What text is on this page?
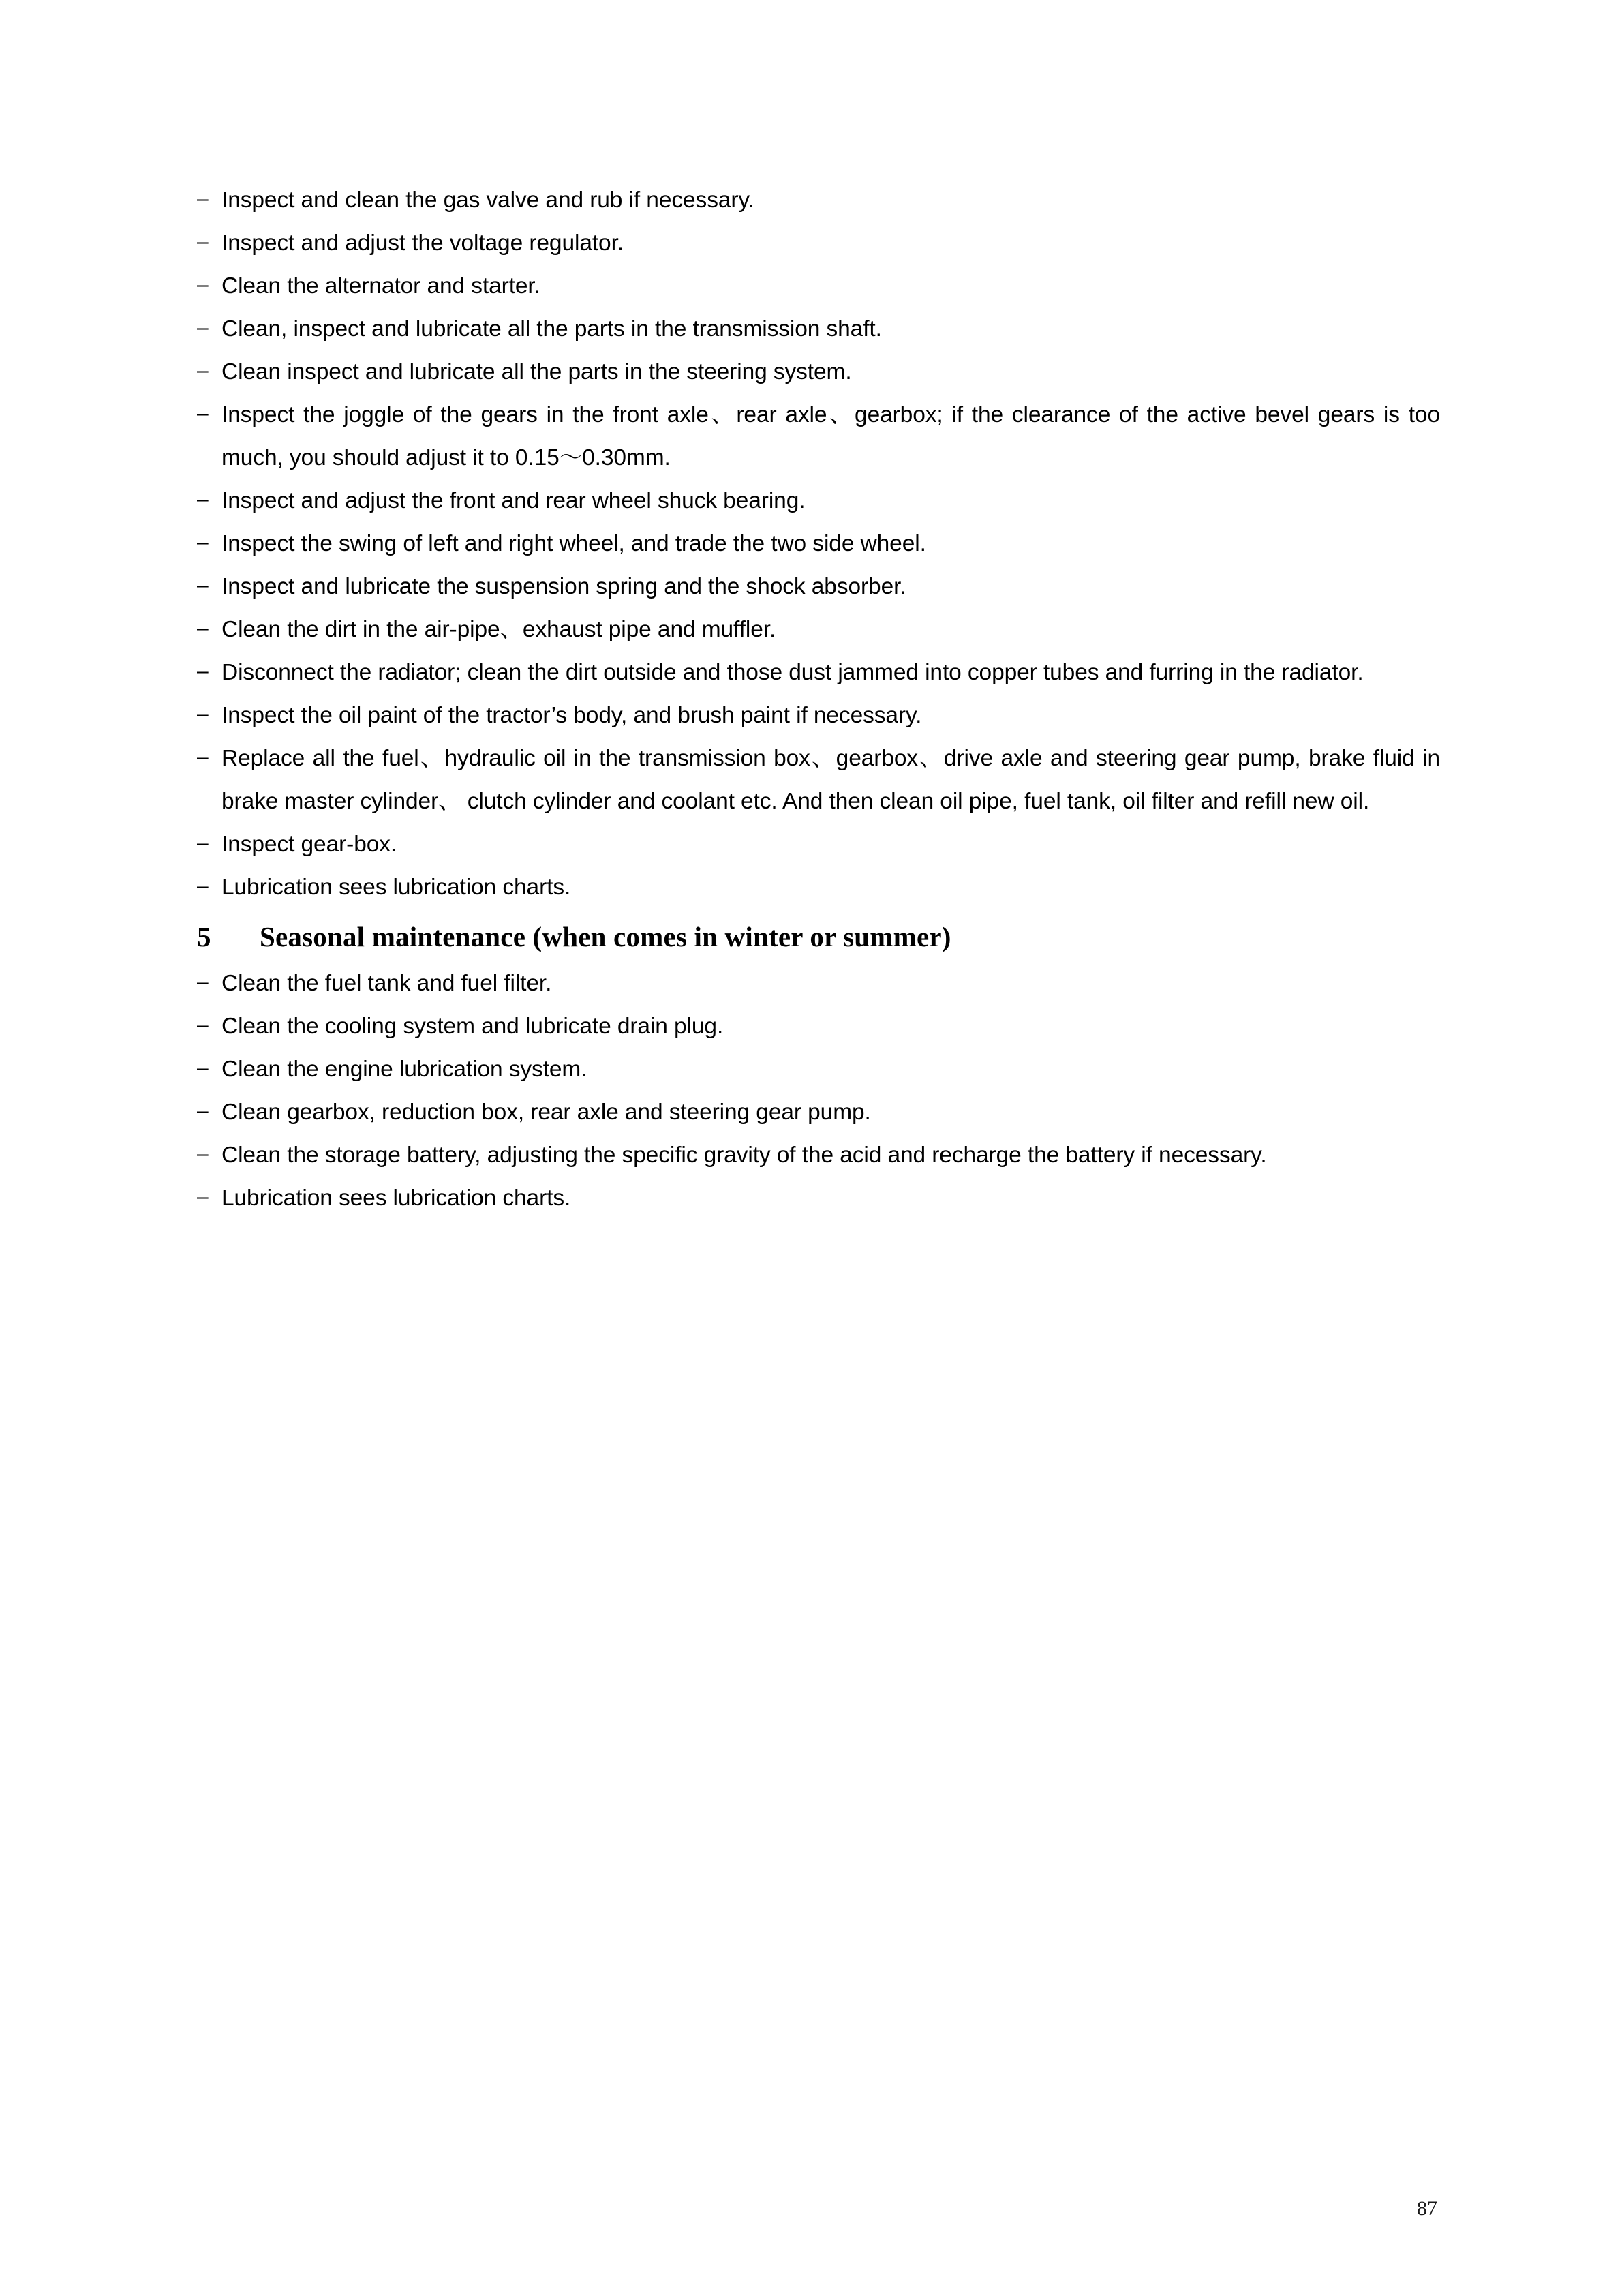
–
Inspect and clean the gas valve and rub if necessary.
–
Inspect and adjust the voltage regulator.
–
Clean the alternator and starter.
–
Clean, inspect and lubricate all the parts in the transmission shaft.
–
Clean inspect and lubricate all the parts in the steering system.
–
Inspect the joggle of the gears in the front axle、rear axle、gearbox; if the clearance of the active bevel gears is too much, you should adjust it to 0.15～0.30mm.
–
Inspect and adjust the front and rear wheel shuck bearing.
–
Inspect the swing of left and right wheel, and trade the two side wheel.
–
Inspect and lubricate the suspension spring and the shock absorber.
–
Clean the dirt in the air-pipe、exhaust pipe and muffler.
–
Disconnect the radiator; clean the dirt outside and those dust jammed into copper tubes and furring in the radiator.
–
Inspect the oil paint of the tractor’s body, and brush paint if necessary.
–
Replace all the fuel、hydraulic oil in the transmission box、gearbox、drive axle and steering gear pump, brake fluid in brake master cylinder、 clutch cylinder and coolant etc. And then clean oil pipe, fuel tank, oil filter and refill new oil.
–
Inspect gear-box.
–
Lubrication sees lubrication charts.
5 Seasonal maintenance (when comes in winter or summer)
–
Clean the fuel tank and fuel filter.
–
Clean the cooling system and lubricate drain plug.
–
Clean the engine lubrication system.
–
Clean gearbox, reduction box, rear axle and steering gear pump.
–
Clean the storage battery, adjusting the specific gravity of the acid and recharge the battery if necessary.
–
Lubrication sees lubrication charts.
87
